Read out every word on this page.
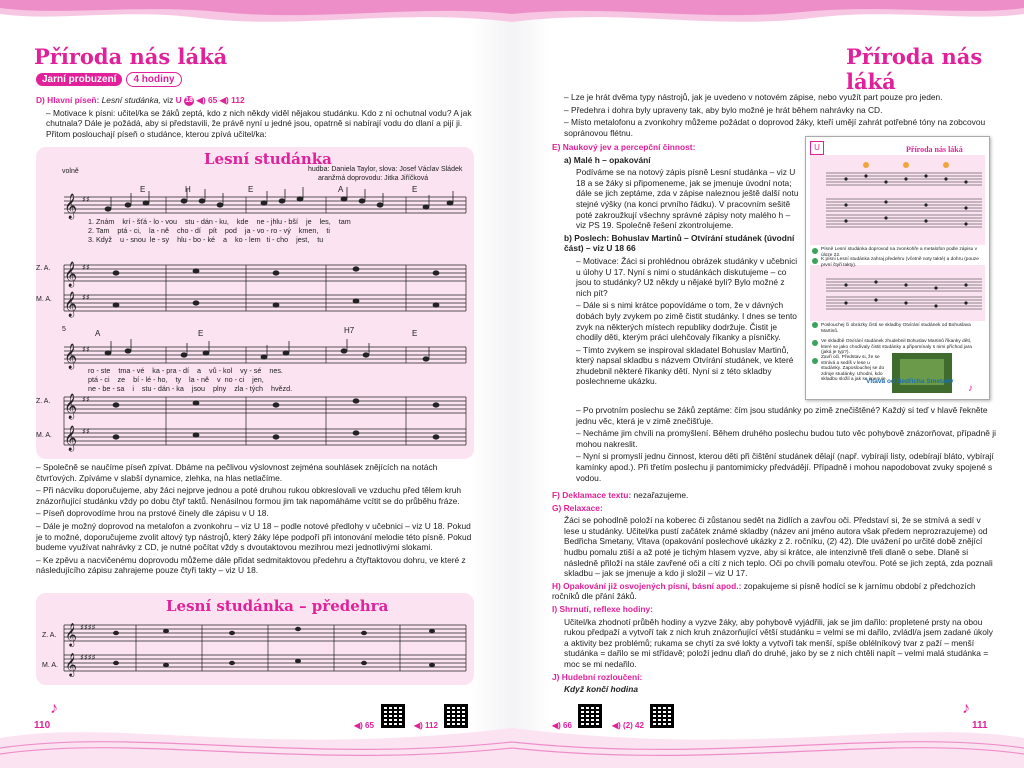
Příroda nás láká
Jarní probuzení 4 hodiny

D) Hlavní píseň: Lesní studánka, viz U 18 ◀) 65 ◀) 112

– Motivace k písni: učitel/ka se žáků zeptá, kdo z nich někdy viděl nějakou studánku. Kdo z ní ochutnal vodu? A jak chutnala? Dále je požádá, aby si představili, že právě nyní u jedné jsou, opatrně si nabírají vodu do dlaní a pijí ji. Přitom poslouchají píseň o studánce, kterou zpívá učitel/ka:

Lesní studánka
hudba: Daniela Taylor, slova: Josef Václav Sládek
aranžmá doprovodu: Jitka Jiříčková
volně
𝄞
𝄞
𝄞
𝄞
𝄞
𝄞
♯♯
♯♯
♯♯
♯♯
♯♯
♯♯
E	H	E	A	E
1. Znám    krí - šťá - lo - vou    stu - dán - ku,    kde    ne - jhlu - bší    je    les,    tam
2. Tam    ptá - ci,    la - ně    cho - dí    pít    pod    ja - vo - ro - vý    kmen,    ti
3. Když    u - snou  le - sy    hlu - bo - ké    a    ko - lem   ti - cho    jest,    tu
Z. A.
M. A.
5	A	E	H7	E
ro - ste    tma - vé    ka - pra - dí    a    vů - kol    vy - sé    nes.
ptá - ci    ze    bí - lé - ho,    ty    la - ně    v  no - ci    jen,
ne - be - sa    i    stu - dán - ka    jsou    plny    zla - tých    hvězd.
Z. A.
M. A.

– Společně se naučíme píseň zpívat. Dbáme na pečlivou výslovnost zejména souhlásek znějících na notách čtvrťových. Zpíváme v slabší dynamice, zlehka, na hlas netlačíme.

– Při nácviku doporučujeme, aby žáci nejprve jednou a poté druhou rukou obkreslovali ve vzduchu před tělem kruh znázorňující studánku vždy po dobu čtyř taktů. Nenásilnou formou jim tak napomáháme vcítit se do průběhu fráze.

– Píseň doprovodíme hrou na prstové činely dle zápisu v U 18.

– Dále je možný doprovod na metalofon a zvonkohru – viz U 18 – podle notové předlohy v učebnici – viz U 18. Pokud je to možné, doporučujeme zvolit altový typ nástrojů, který žáky lépe podpoří při intonování melodie této písně. Pokud budeme využívat nahrávky z CD, je nutné počítat vždy s dvoutaktovou mezihrou mezi jednotlivými slokami.

– Ke zpěvu a nacvičenému doprovodu můžeme dále přidat sedmitaktovou předehru a čtyřtaktovou dohru, ve které z následujícího zápisu zahrajeme pouze čtyři takty – viz U 18.

Lesní studánka – předehra
Z. A.
M. A.
𝄞
𝄞
♯♯♯♯
♯♯♯♯
110
♪
◀) 65	◀) 112
Příroda nás láká

– Lze je hrát dvěma typy nástrojů, jak je uvedeno v notovém zápise, nebo využít part pouze pro jeden.

– Předehra i dohra byly upraveny tak, aby bylo možné je hrát během nahrávky na CD.

– Místo metalofonu a zvonkohry můžeme požádat o doprovod žáky, kteří umějí zahrát potřebné tóny na zobcovou sopránovou flétnu.

E) Naukový jev a percepční činnost:

a) Malé h – opakování

Podíváme se na notový zápis písně Lesní studánka – viz U 18 a se žáky si připomeneme, jak se jmenuje úvodní nota; dále se jich zeptáme, zda v zápise naleznou ještě další notu stejné výšky (na konci prvního řádku). V pracovním sešitě poté zakroužkují všechny správné zápisy noty malého h – viz PS 19. Společně řešení zkontrolujeme.

b) Poslech: Bohuslav Martinů – Otvírání studánek (úvodní část) – viz U 18 66

– Motivace: Žáci si prohlédnou obrázek studánky v učebnici u úlohy U 17. Nyní s nimi o studánkách diskutujeme – co jsou to studánky? Už někdy u nějaké byli? Bylo možné z nich pít?

– Dále si s nimi krátce popovídáme o tom, že v dávných dobách byly zvykem po zimě čistit studánky. I dnes se tento zvyk na některých místech republiky dodržuje. Čistit je chodily děti, kterým práci ulehčovaly říkanky a písničky.

– Tímto zvykem se inspiroval skladatel Bohuslav Martinů, který napsal skladbu s názvem Otvírání studánek, ve které zhudebnil některé říkanky dětí. Nyní si z této skladby poslechneme ukázku.

– Po prvotním poslechu se žáků zeptáme: čím jsou studánky po zimě znečištěné? Každý si teď v hlavě řekněte jednu věc, která je v zimě znečišťuje.

– Necháme jim chvíli na promyšlení. Během druhého poslechu budou tuto věc pohybově znázorňovat, případně ji mohou nakreslit.

– Nyní si promyslí jednu činnost, kterou děti při čištění studánek dělají (např. vybírají listy, odebírají bláto, vybírají kamínky apod.). Při třetím poslechu ji pantomimicky předvádějí. Případně i mohou napodobovat zvuky spojené s vodou.

F) Deklamace textu: nezařazujeme.

G) Relaxace:

Žáci se pohodlně položí na koberec či zůstanou sedět na židlích a zavřou oči. Představí si, že se stmívá a sedí v lese u studánky. Učitel/ka pustí začátek známé skladby (název ani jméno autora však předem neprozrazujeme) od Bedřicha Smetany, Vltava (opakování poslechové ukázky z 2. ročníku, (2) 42). Dle uvážení po určité době znějící hudbu pomalu ztiší a až poté je tichým hlasem vyzve, aby si krátce, ale intenzivně třeli dlaně o sebe. Dlaně si následně přiloží na stále zavřené oči a cítí z nich teplo. Oči po chvíli pomalu otevřou. Poté se jich zeptá, zda poznali skladbu – jak se jmenuje a kdo ji složil – viz U 17.

H) Opakování již osvojených písní, básní apod.: zopakujeme si písně hodící se k jarnímu období z předchozích ročníků dle přání žáků.

I) Shrnutí, reflexe hodiny:

Učitel/ka zhodnotí průběh hodiny a vyzve žáky, aby pohybově vyjádřili, jak se jim dařilo: propletené prsty na obou rukou předpaží a vytvoří tak z nich kruh znázorňující větší studánku = velmi se mi dařilo, zvládl/a jsem zadané úkoly a aktivity bez problémů; rukama se chytí za své lokty a vytvoří tak menší, spíše oblélníkový tvar z paží – menší studánka = dařilo se mi střídavě; položí jednu dlaň do druhé, jako by se z nich chtěli napít – velmi malá studánka = moc se mi nedařilo.

J) Hudební rozloučení:

Když končí hodina

U	Příroda nás láká
Písně Lesní studánka doprovod na zvonkohře a metalofon podle zápisu v úloze 22.
K písni Lesní studánka zahraj předehru (včetně noty takté) a dohru (pouze první čtyři takty).
Poslouchej či obrázky čistí se skladby Otvírání studánek od Bohuslava Martinů.
Ve skladbě Otvírání studánek zhudebnil Bohuslav Martinů říkanky dětí, které se jako chodívaly čistit studánky a připomínaly s nimi příchod jara (jaká je typ?).
Zavři oči. Představ si, že se stmívá a sedíš v lese u studánky. Zaposlouchej se do zdroje studánky. Uhodni, kdo skladbu složil a jak se jmenuje.
Vltava od Bedřicha Smetany
♪
◀) 66	◀) (2) 42
♪
111
